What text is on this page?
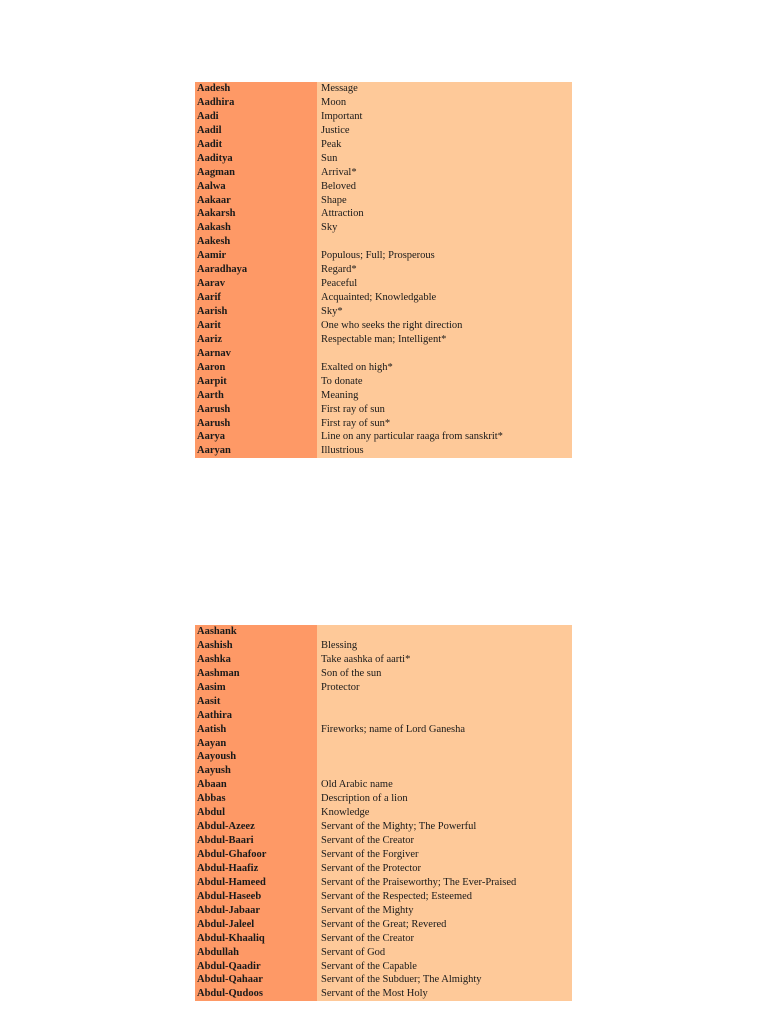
Aadesh	Message
Aadhira	Moon
Aadi	Important
Aadil	Justice
Aadit	Peak
Aaditya	Sun
Aagman	Arrival*
Aalwa	Beloved
Aakaar	Shape
Aakarsh	Attraction
Aakash	Sky
Aakesh	
Aamir	Populous; Full; Prosperous
Aaradhaya	Regard*
Aarav	Peaceful
Aarif	Acquainted; Knowledgable
Aarish	Sky*
Aarit	One who seeks the right direction
Aariz	Respectable man; Intelligent*
Aarnav	
Aaron	Exalted on high*
Aarpit	To donate
Aarth	Meaning
Aarush	First ray of sun
Aarush	First ray of sun*
Aarya	Line on any particular raaga from sanskrit*
Aaryan	Illustrious
Aashank	
Aashish	Blessing
Aashka	Take aashka of aarti*
Aashman	Son of the sun
Aasim	Protector
Aasit	
Aathira	
Aatish	Fireworks; name of Lord Ganesha
Aayan	
Aayoush	
Aayush	
Abaan	Old Arabic name
Abbas	Description of a lion
Abdul	Knowledge
Abdul-Azeez	Servant of the Mighty; The Powerful
Abdul-Baari	Servant of the Creator
Abdul-Ghafoor	Servant of the Forgiver
Abdul-Haafiz	Servant of the Protector
Abdul-Hameed	Servant of the Praiseworthy; The Ever-Praised
Abdul-Haseeb	Servant of the Respected; Esteemed
Abdul-Jabaar	Servant of the Mighty
Abdul-Jaleel	Servant of the Great; Revered
Abdul-Khaaliq	Servant of the Creator
Abdullah	Servant of God
Abdul-Qaadir	Servant of the Capable
Abdul-Qahaar	Servant of the Subduer; The Almighty
Abdul-Qudoos	Servant of the Most Holy
